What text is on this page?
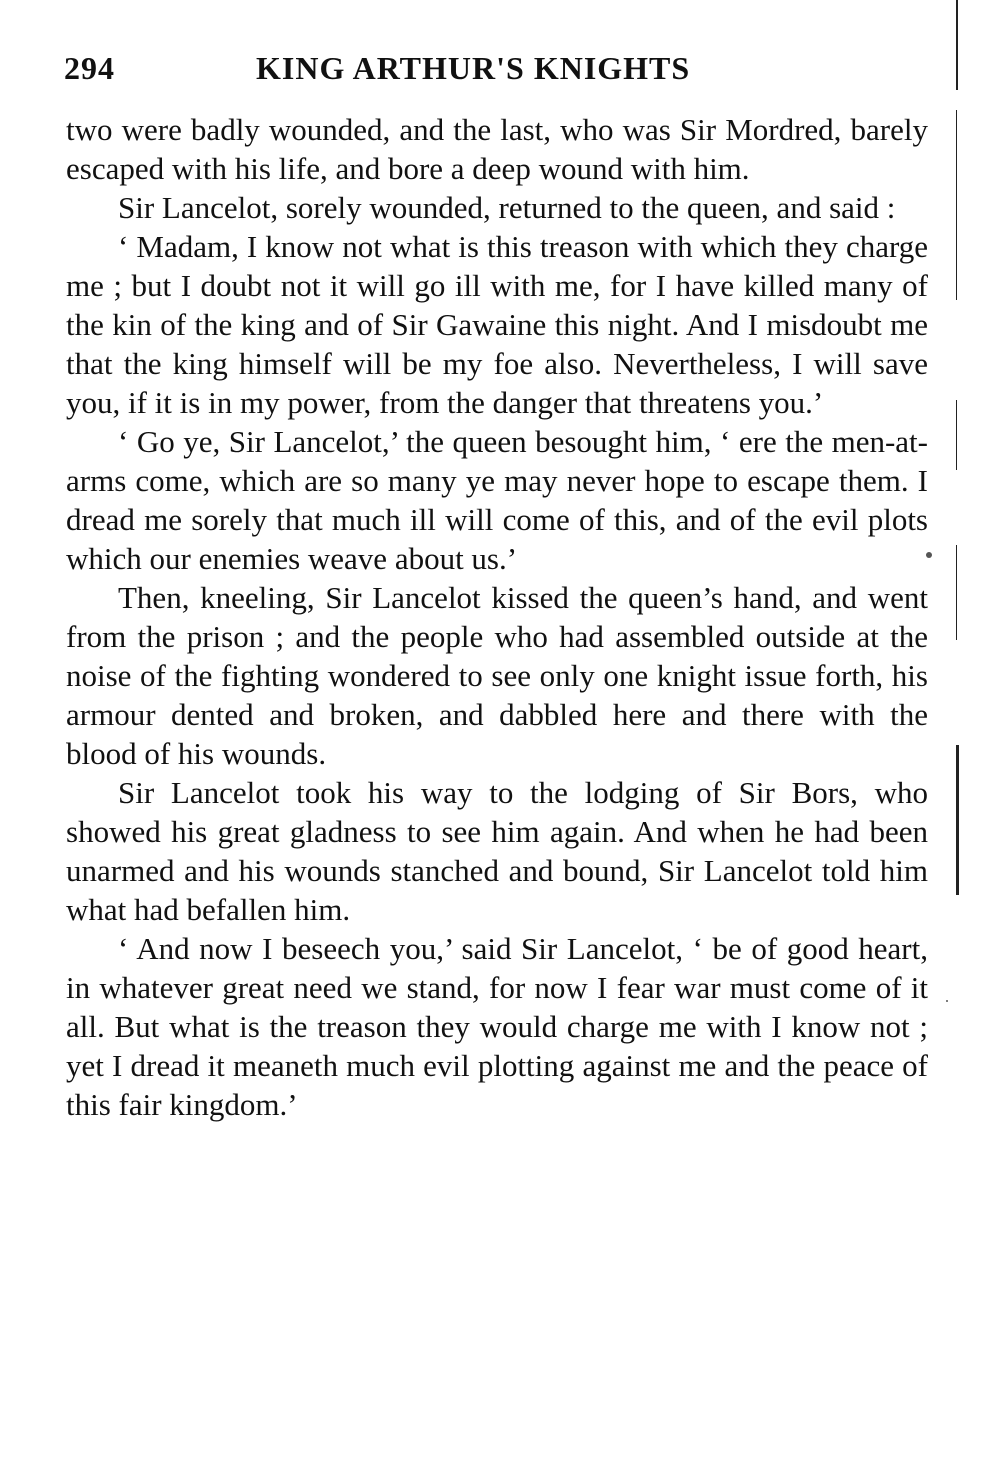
294	KING ARTHUR'S KNIGHTS

two were badly wounded, and the last, who was Sir Mordred, barely escaped with his life, and bore a deep wound with him.

Sir Lancelot, sorely wounded, returned to the queen, and said :

‘ Madam, I know not what is this treason with which they charge me ; but I doubt not it will go ill with me, for I have killed many of the kin of the king and of Sir Gawaine this night. And I misdoubt me that the king himself will be my foe also. Nevertheless, I will save you, if it is in my power, from the danger that threatens you.’

‘ Go ye, Sir Lancelot,’ the queen besought him, ‘ ere the men-at-arms come, which are so many ye may never hope to escape them. I dread me sorely that much ill will come of this, and of the evil plots which our enemies weave about us.’

Then, kneeling, Sir Lancelot kissed the queen’s hand, and went from the prison ; and the people who had assembled outside at the noise of the fighting wondered to see only one knight issue forth, his armour dented and broken, and dabbled here and there with the blood of his wounds.

Sir Lancelot took his way to the lodging of Sir Bors, who showed his great gladness to see him again. And when he had been unarmed and his wounds stanched and bound, Sir Lancelot told him what had befallen him.

‘ And now I beseech you,’ said Sir Lancelot, ‘ be of good heart, in whatever great need we stand, for now I fear war must come of it all. But what is the treason they would charge me with I know not ; yet I dread it meaneth much evil plotting against me and the peace of this fair kingdom.’
